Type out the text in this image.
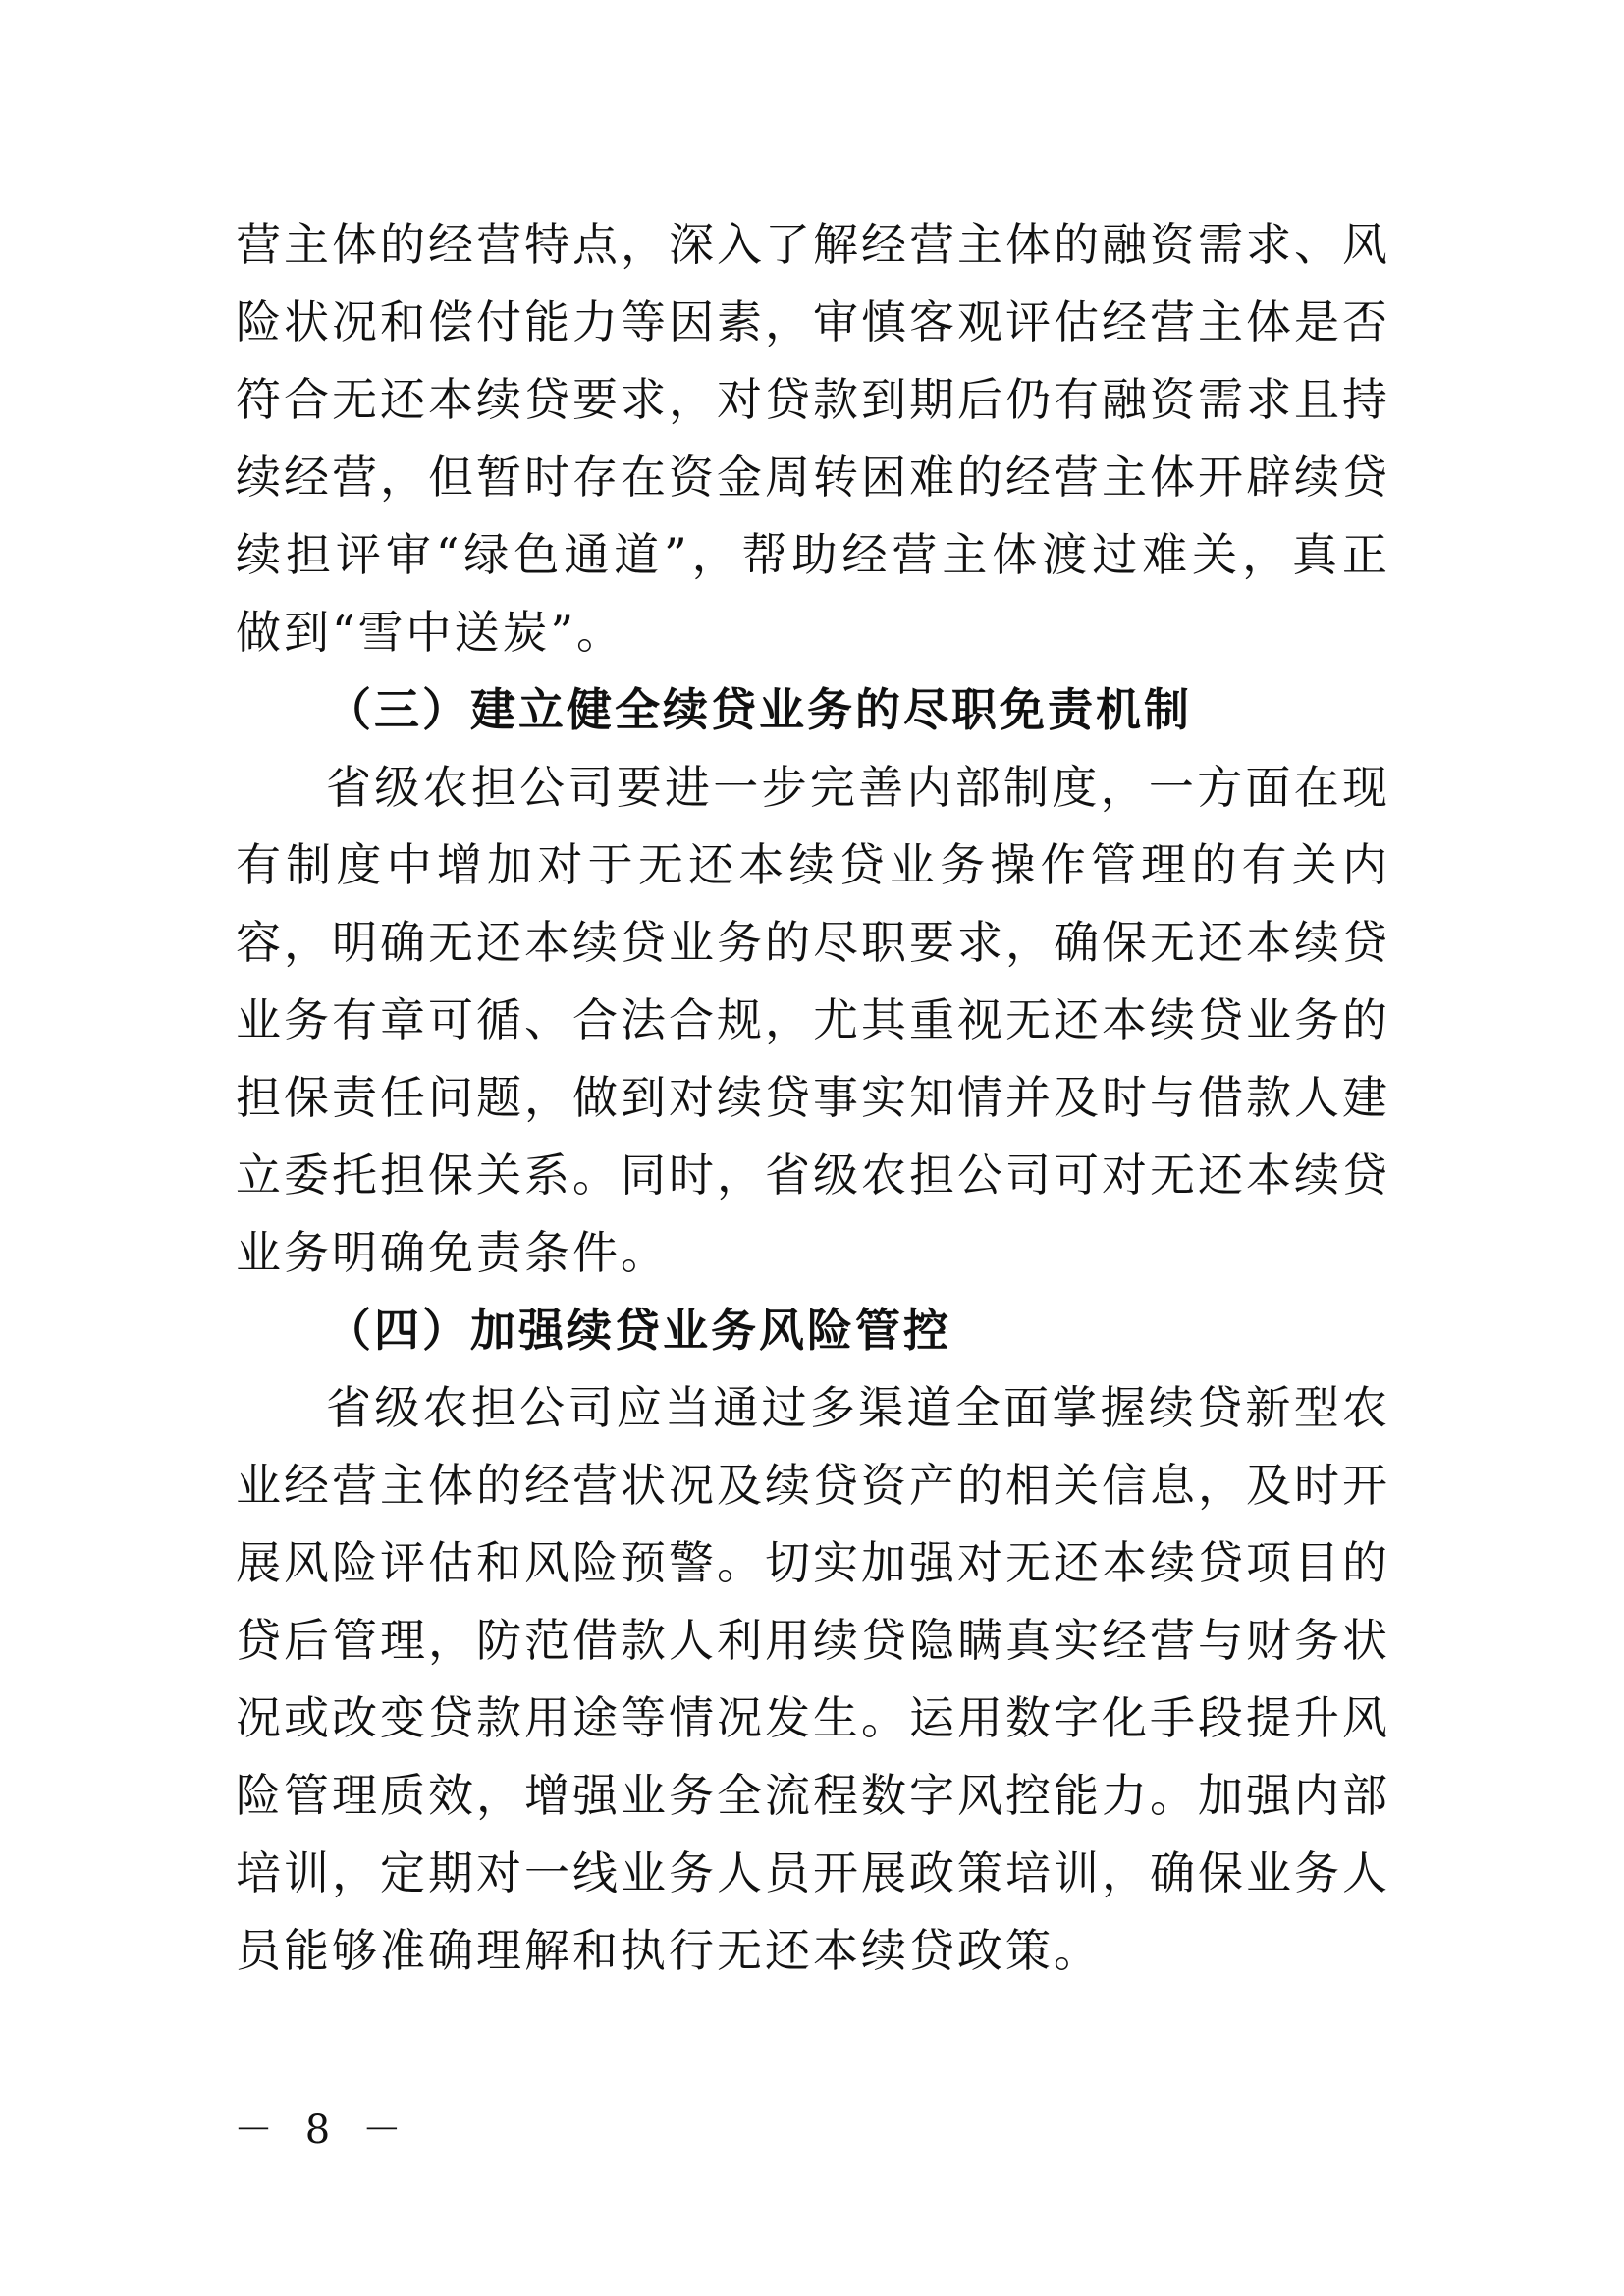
营主体的经营特点，深入了解经营主体的融资需求、风险状况和偿付能力等因素，审慎客观评估经营主体是否符合无还本续贷要求，对贷款到期后仍有融资需求且持续经营，但暂时存在资金周转困难的经营主体开辟续贷续担评审“绿色通道”，帮助经营主体渡过难关，真正做到“雪中送炭”。

（三）建立健全续贷业务的尽职免责机制

省级农担公司要进一步完善内部制度，一方面在现有制度中增加对于无还本续贷业务操作管理的有关内容，明确无还本续贷业务的尽职要求，确保无还本续贷业务有章可循、合法合规，尤其重视无还本续贷业务的担保责任问题，做到对续贷事实知情并及时与借款人建立委托担保关系。同时，省级农担公司可对无还本续贷业务明确免责条件。

（四）加强续贷业务风险管控

省级农担公司应当通过多渠道全面掌握续贷新型农业经营主体的经营状况及续贷资产的相关信息，及时开展风险评估和风险预警。切实加强对无还本续贷项目的贷后管理，防范借款人利用续贷隐瞒真实经营与财务状况或改变贷款用途等情况发生。运用数字化手段提升风险管理质效，增强业务全流程数字风控能力。加强内部培训，定期对一线业务人员开展政策培训，确保业务人员能够准确理解和执行无还本续贷政策。

－ 8 －
